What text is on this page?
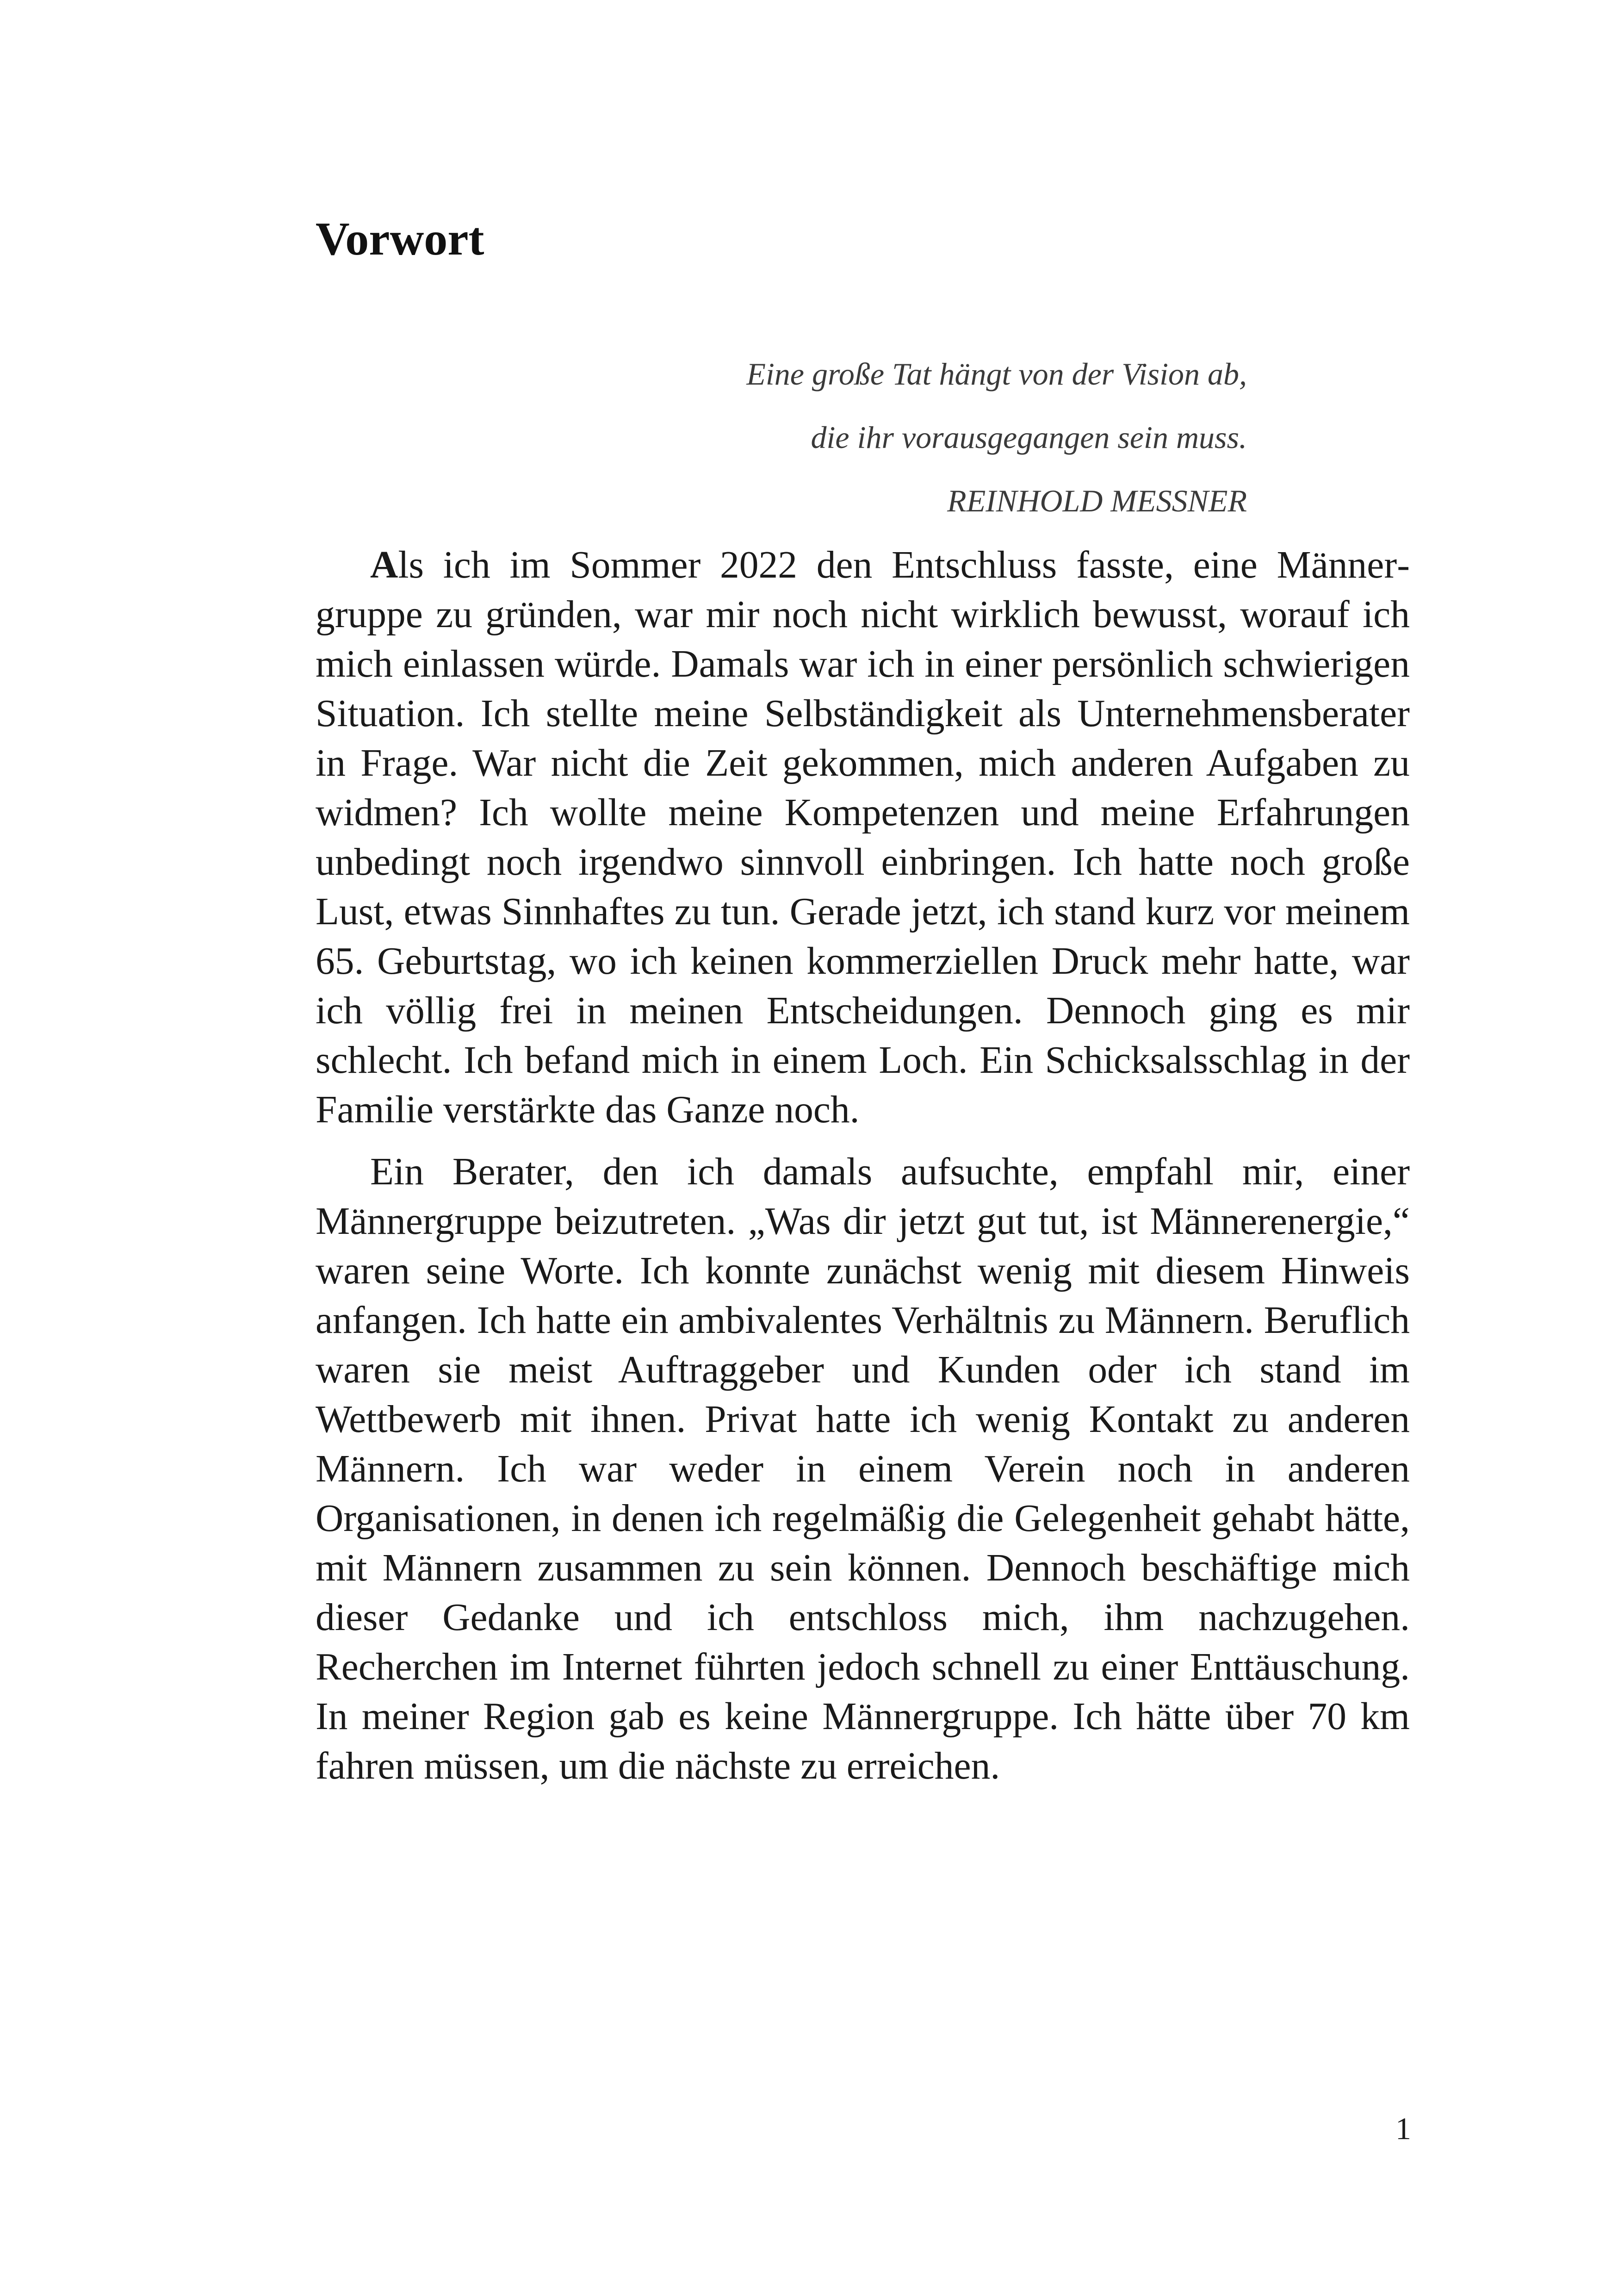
Vorwort
Eine große Tat hängt von der Vision ab,
die ihr vorausgegangen sein muss.
REINHOLD MESSNER

Als ich im Sommer 2022 den Entschluss fasste, eine Männergruppe zu gründen, war mir noch nicht wirklich bewusst, worauf ich mich einlassen würde. Damals war ich in einer persönlich schwierigen Situation. Ich stellte meine Selbständigkeit als Unternehmensberater in Frage. War nicht die Zeit gekommen, mich anderen Aufgaben zu widmen? Ich wollte meine Kompetenzen und meine Erfahrungen unbedingt noch irgendwo sinnvoll einbringen. Ich hatte noch große Lust, etwas Sinnhaftes zu tun. Gerade jetzt, ich stand kurz vor meinem 65. Geburtstag, wo ich keinen kommerziellen Druck mehr hatte, war ich völlig frei in meinen Entscheidungen. Dennoch ging es mir schlecht. Ich befand mich in einem Loch. Ein Schicksalsschlag in der Familie verstärkte das Ganze noch.

Ein Berater, den ich damals aufsuchte, empfahl mir, einer Männergruppe beizutreten. „Was dir jetzt gut tut, ist Männerenergie,“ waren seine Worte. Ich konnte zunächst wenig mit diesem Hinweis anfangen. Ich hatte ein ambivalentes Verhältnis zu Männern. Beruflich waren sie meist Auftraggeber und Kunden oder ich stand im Wettbewerb mit ihnen. Privat hatte ich wenig Kontakt zu anderen Männern. Ich war weder in einem Verein noch in anderen Organisationen, in denen ich regelmäßig die Gelegenheit gehabt hätte, mit Männern zusammen zu sein können. Dennoch beschäftige mich dieser Gedanke und ich entschloss mich, ihm nachzugehen. Recherchen im Internet führten jedoch schnell zu einer Enttäuschung. In meiner Region gab es keine Männergruppe. Ich hätte über 70 km fahren müssen, um die nächste zu erreichen.

1
